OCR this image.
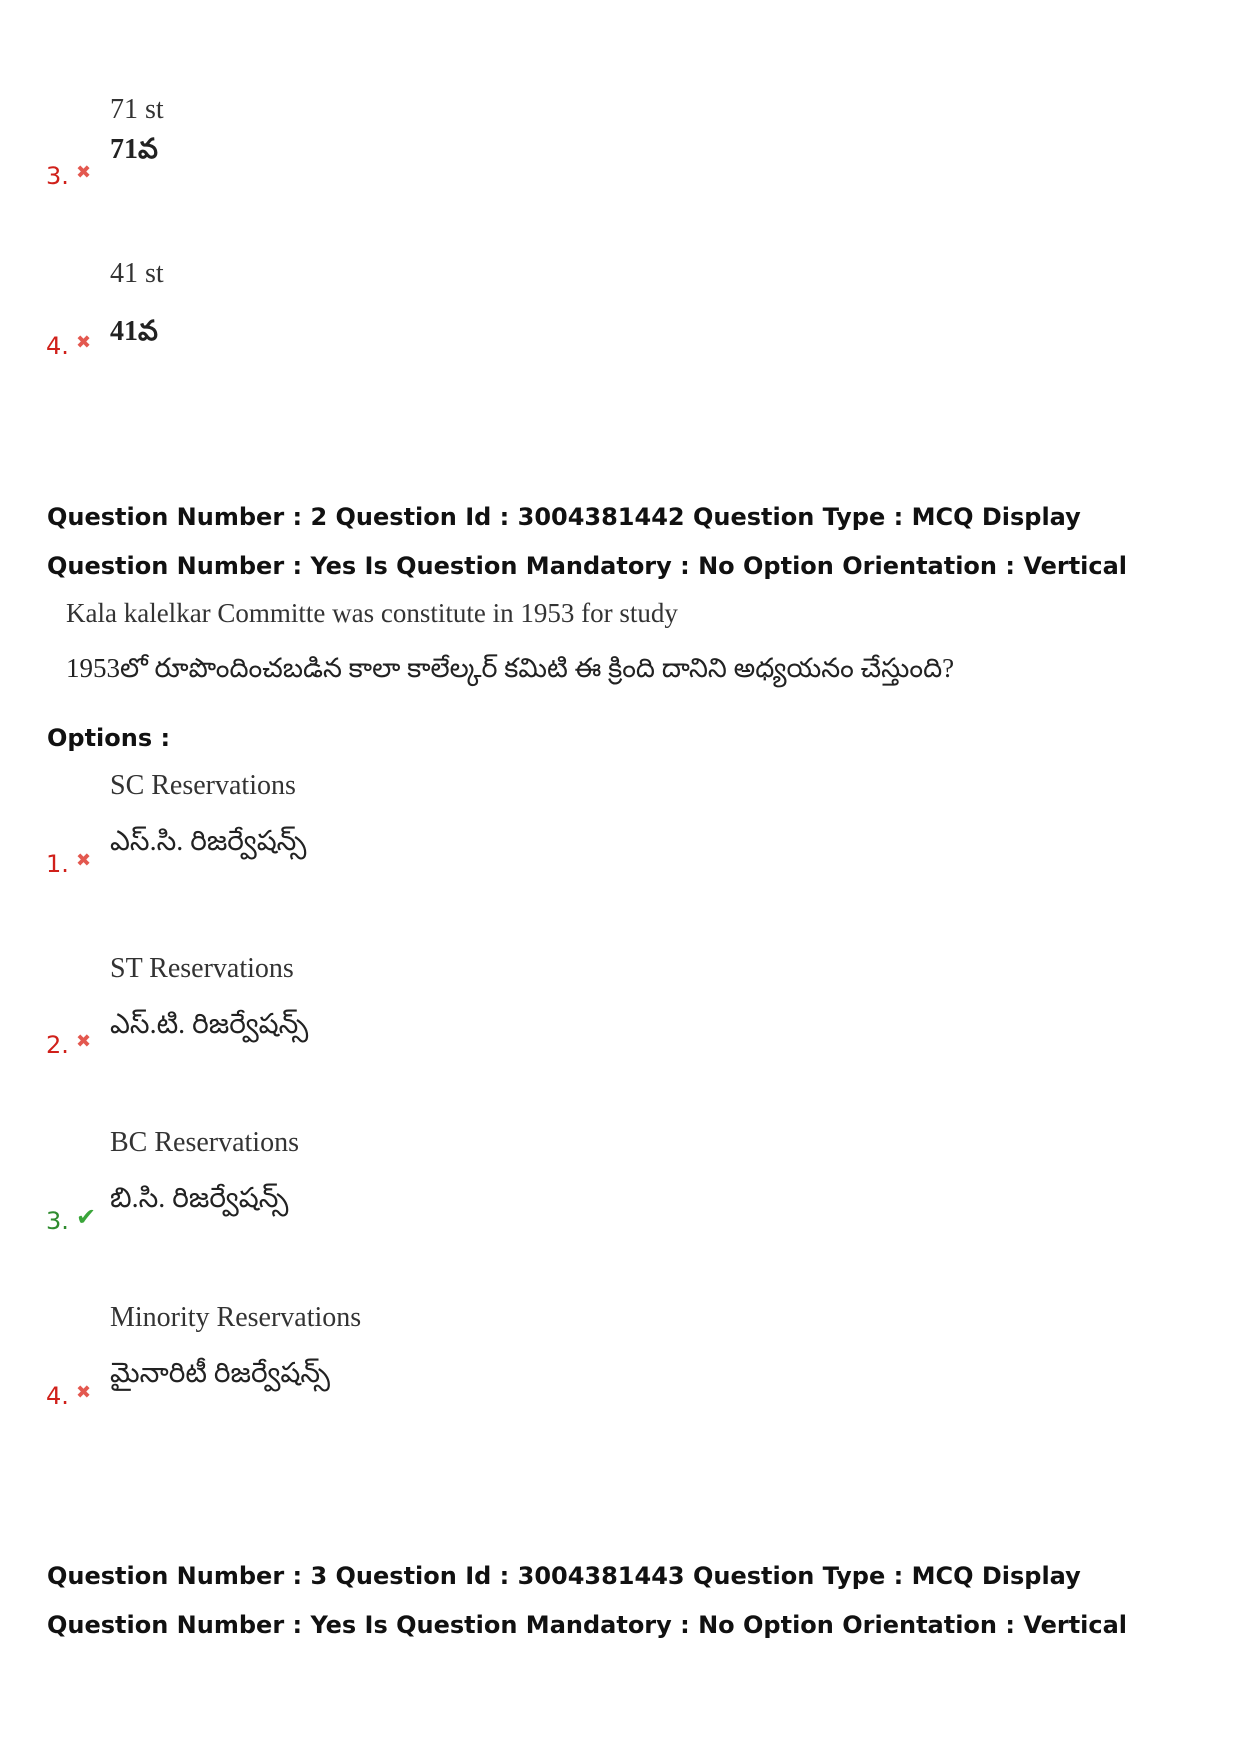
71 st
71వ
3. ✖
41 st
41వ
4. ✖
Question Number : 2 Question Id : 3004381442 Question Type : MCQ Display Question Number : Yes Is Question Mandatory : No Option Orientation : Vertical
Kala kalelkar Committe was constitute in 1953 for study
1953లో రూపొందించబడిన కాలా కాలేల్కర్ కమిటి ఈ క్రింది దానిని అధ్యయనం చేస్తుంది?
Options :
SC Reservations
ఎస్.సి. రిజర్వేషన్స్
1. ✖
ST Reservations
ఎస్.టి. రిజర్వేషన్స్
2. ✖
BC Reservations
బి.సి. రిజర్వేషన్స్
3. ✔
Minority Reservations
మైనారిటీ రిజర్వేషన్స్
4. ✖
Question Number : 3 Question Id : 3004381443 Question Type : MCQ Display Question Number : Yes Is Question Mandatory : No Option Orientation : Vertical
